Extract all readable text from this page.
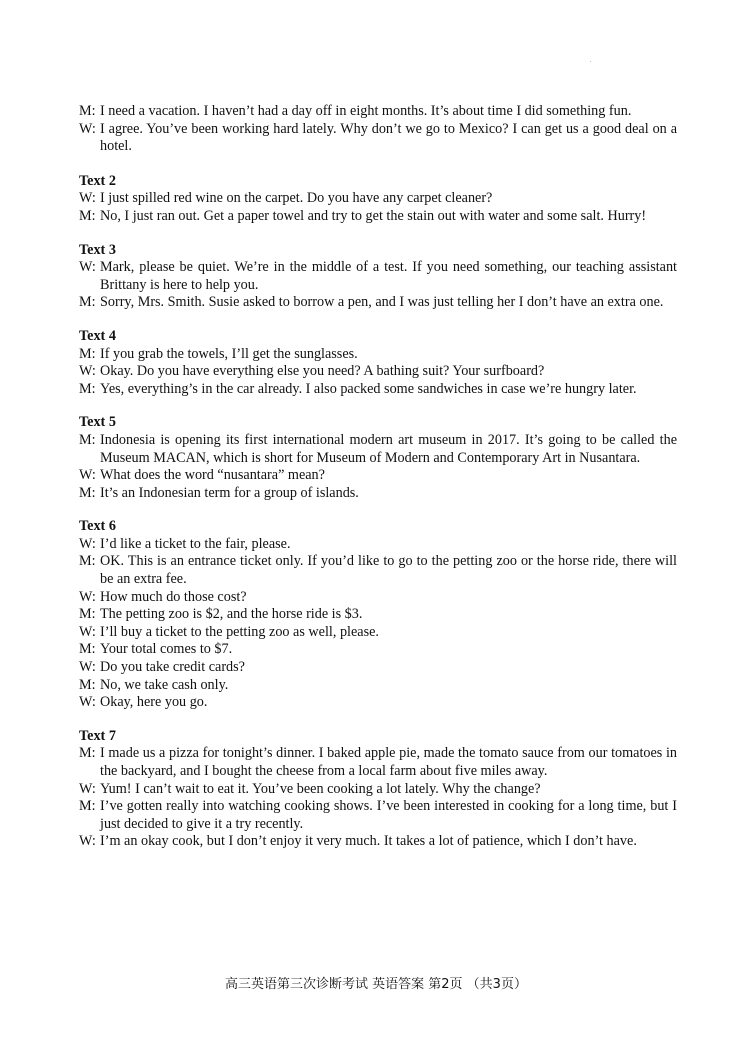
.
M: I need a vacation. I haven’t had a day off in eight months. It’s about time I did something fun.
W: I agree. You’ve been working hard lately. Why don’t we go to Mexico? I can get us a good deal on a hotel.
Text 2
W: I just spilled red wine on the carpet. Do you have any carpet cleaner?
M: No, I just ran out. Get a paper towel and try to get the stain out with water and some salt. Hurry!
Text 3
W: Mark, please be quiet. We’re in the middle of a test. If you need something, our teaching assistant Brittany is here to help you.
M: Sorry, Mrs. Smith. Susie asked to borrow a pen, and I was just telling her I don’t have an extra one.
Text 4
M: If you grab the towels, I’ll get the sunglasses.
W: Okay. Do you have everything else you need? A bathing suit? Your surfboard?
M: Yes, everything’s in the car already. I also packed some sandwiches in case we’re hungry later.
Text 5
M: Indonesia is opening its first international modern art museum in 2017. It’s going to be called the Museum MACAN, which is short for Museum of Modern and Contemporary Art in Nusantara.
W: What does the word “nusantara” mean?
M: It’s an Indonesian term for a group of islands.
Text 6
W: I’d like a ticket to the fair, please.
M: OK. This is an entrance ticket only. If you’d like to go to the petting zoo or the horse ride, there will be an extra fee.
W: How much do those cost?
M: The petting zoo is $2, and the horse ride is $3.
W: I’ll buy a ticket to the petting zoo as well, please.
M: Your total comes to $7.
W: Do you take credit cards?
M: No, we take cash only.
W: Okay, here you go.
Text 7
M: I made us a pizza for tonight’s dinner. I baked apple pie, made the tomato sauce from our tomatoes in the backyard, and I bought the cheese from a local farm about five miles away.
W: Yum! I can’t wait to eat it. You’ve been cooking a lot lately. Why the change?
M: I’ve gotten really into watching cooking shows. I’ve been interested in cooking for a long time, but I just decided to give it a try recently.
W: I’m an okay cook, but I don’t enjoy it very much. It takes a lot of patience, which I don’t have.
高三英语第三次诊断考试 英语答案 第2页 （共3页）
